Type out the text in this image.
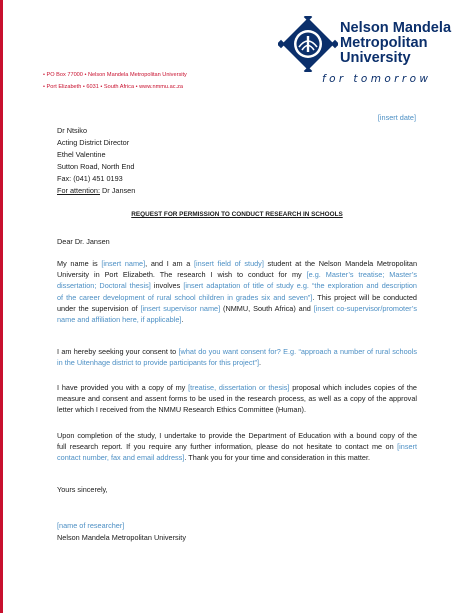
• PO Box 77000 • Nelson Mandela Metropolitan University
• Port Elizabeth • 6031 • South Africa • www.nmmu.ac.za
Nelson Mandela
Metropolitan
University
for tomorrow
[insert date]
Dr Ntsiko
Acting District Director
Ethel Valentine
Sutton Road, North End
Fax: (041) 451 0193
For attention: Dr Jansen
REQUEST FOR PERMISSION TO CONDUCT RESEARCH IN SCHOOLS
Dear Dr. Jansen
My name is [insert name], and I am a [insert field of study] student at the Nelson Mandela Metropolitan
University in Port Elizabeth. The research I wish to conduct for my [e.g. Master’s treatise; Master’s
dissertation; Doctoral thesis] involves [insert adaptation of title of study e.g. “the exploration and description
of the career development of rural school children in grades six and seven”]. This project will be conducted
under the supervision of [insert supervisor name] (NMMU, South Africa) and [insert co-supervisor/promoter’s
name and affiliation here, if applicable].
I am hereby seeking your consent to [what do you want consent for? E.g. “approach a number of rural schools
in the Uitenhage district to provide participants for this project”].
I have provided you with a copy of my [treatise, dissertation or thesis] proposal which includes copies of the
measure and consent and assent forms to be used in the research process, as well as a copy of the approval
letter which I received from the NMMU Research Ethics Committee (Human).
Upon completion of the study, I undertake to provide the Department of Education with a bound copy of the
full research report. If you require any further information, please do not hesitate to contact me on [insert
contact number, fax and email address]. Thank you for your time and consideration in this matter.
Yours sincerely,
[name of researcher]
Nelson Mandela Metropolitan University
